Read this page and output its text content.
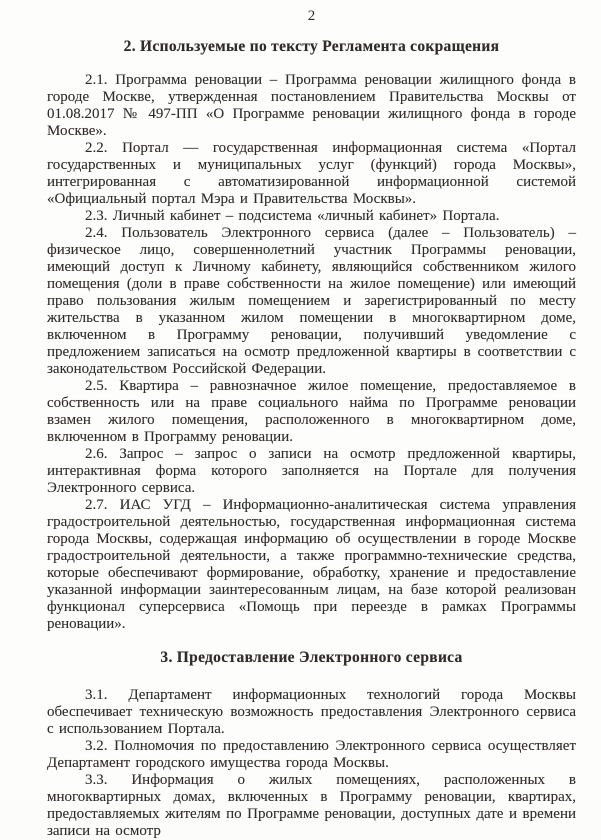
2
2. Используемые по тексту Регламента сокращения

2.1. Программа реновации – Программа реновации жилищного фонда в городе Москве, утвержденная постановлением Правительства Москвы от 01.08.2017 № 497-ПП «О Программе реновации жилищного фонда в городе Москве».

2.2. Портал — государственная информационная система «Портал государственных и муниципальных услуг (функций) города Москвы», интегрированная с автоматизированной информационной системой «Официальный портал Мэра и Правительства Москвы».

2.3. Личный кабинет – подсистема «личный кабинет» Портала.

2.4. Пользователь Электронного сервиса (далее – Пользователь) – физическое лицо, совершеннолетний участник Программы реновации, имеющий доступ к Личному кабинету, являющийся собственником жилого помещения (доли в праве собственности на жилое помещение) или имеющий право пользования жилым помещением и зарегистрированный по месту жительства в указанном жилом помещении в многоквартирном доме, включенном в Программу реновации, получивший уведомление с предложением записаться на осмотр предложенной квартиры в соответствии с законодательством Российской Федерации.

2.5. Квартира – равнозначное жилое помещение, предоставляемое в собственность или на праве социального найма по Программе реновации взамен жилого помещения, расположенного в многоквартирном доме, включенном в Программу реновации.

2.6. Запрос – запрос о записи на осмотр предложенной квартиры, интерактивная форма которого заполняется на Портале для получения Электронного сервиса.

2.7. ИАС УГД – Информационно-аналитическая система управления градостроительной деятельностью, государственная информационная система города Москвы, содержащая информацию об осуществлении в городе Москве градостроительной деятельности, а также программно-технические средства, которые обеспечивают формирование, обработку, хранение и предоставление указанной информации заинтересованным лицам, на базе которой реализован функционал суперсервиса «Помощь при переезде в рамках Программы реновации».

3. Предоставление Электронного сервиса

3.1. Департамент информационных технологий города Москвы обеспечивает техническую возможность предоставления Электронного сервиса с использованием Портала.

3.2. Полномочия по предоставлению Электронного сервиса осуществляет Департамент городского имущества города Москвы.

3.3. Информация о жилых помещениях, расположенных в многоквартирных домах, включенных в Программу реновации, квартирах, предоставляемых жителям по Программе реновации, доступных дате и времени записи на осмотр
